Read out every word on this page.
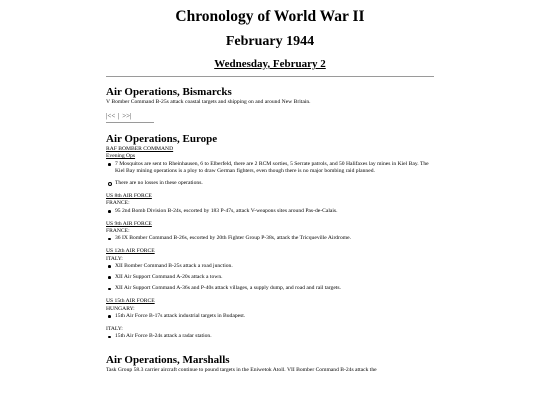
Chronology of World War II
February 1944
Wednesday, February 2
Air Operations, Bismarcks

V Bomber Command B-25s attack coastal targets and shipping on and around New Britain.

|<< | >>|
Air Operations, Europe
RAF BOMBER COMMAND
Evening Ops
7 Mosquitos are sent to Rheinhausen, 6 to Elberfeld, there are 2 RCM sorties, 5 Serrate patrols, and 50 Halifaxes lay mines in Kiel Bay. The Kiel Bay mining operations is a ploy to draw German fighters, even though there is no major bombing raid planned.
There are no losses in these operations.
US 8th AIR FORCE
FRANCE:
95 2nd Bomb Division B-24s, escorted by 183 P-47s, attack V-weapons sites around Pas-de-Calais.
US 9th AIR FORCE
FRANCE:
36 IX Bomber Command B-26s, escorted by 20th Fighter Group P-38s, attack the Tricqueville Airdrome.
US 12th AIR FORCE
ITALY:
XII Bomber Command B-25s attack a road junction.
XII Air Support Command A-20s attack a town.
XII Air Support Command A-36s and P-40s attack villages, a supply dump, and road and rail targets.
US 15th AIR FORCE
HUNGARY:
15th Air Force B-17s attack industrial targets in Budapest.
ITALY:
15th Air Force B-24s attack a radar station.
Air Operations, Marshalls

Task Group 58.3 carrier aircraft continue to pound targets in the Eniwetok Atoll. VII Bomber Command B-24s attack the
